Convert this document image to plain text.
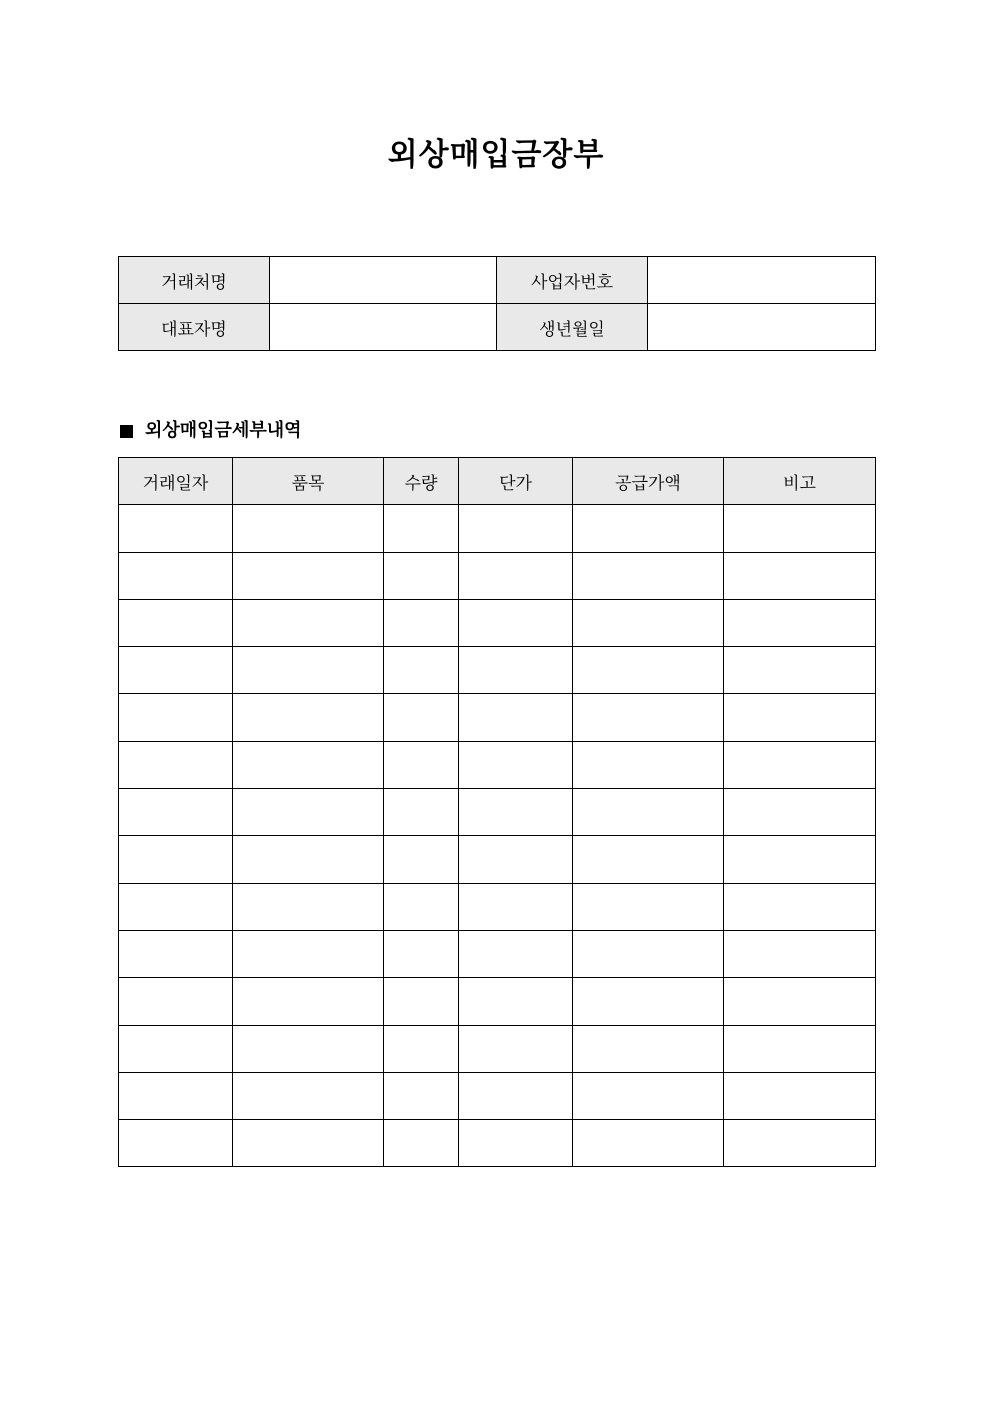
외상매입금장부
거래처명		사업자번호	
대표자명		생년월일	
외상매입금세부내역
거래일자	품목	수량	단가	공급가액	비고
